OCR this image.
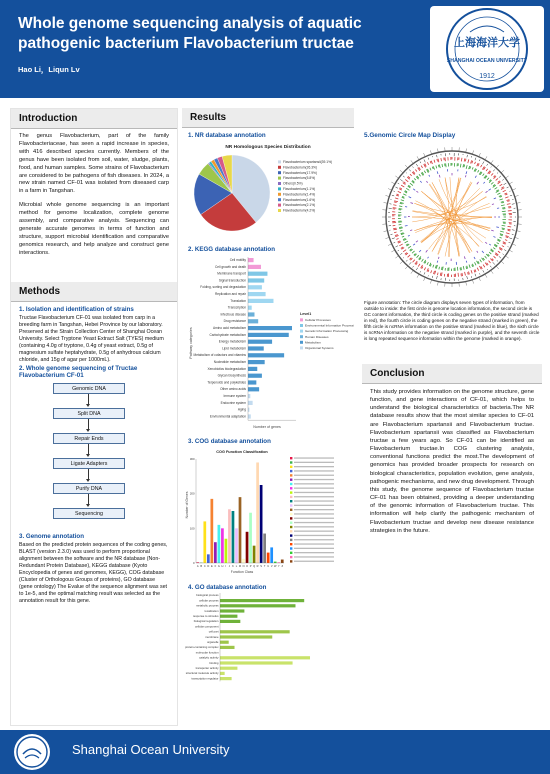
Whole genome sequencing analysis of aquatic pathogenic bacterium Flavobacterium tructae
Hao Li，Liqun Lv
上海海洋大学
SHANGHAI OCEAN UNIVERSITY
1912
Introduction

The genus Flavobacterium, part of the family Flavobacteriaceae, has seen a rapid increase in species, with 416 described species currently. Members of the genus have been isolated from soil, water, sludge, plants, food, and human samples. Some strains of Flavobacterium are considered to be pathogens of fish diseases. In 2024, a new strain named CF-01 was isolated from diseased carp in a farm in Tangshan.

Microbial whole genome sequencing is an important method for genome localization, complete genome assembly, and comparative analysis. Sequencing can generate accurate genomes in terms of function and structure, support microbial identification and comparative genomics research, and help analyze and construct gene interactions.

Methods
1. Isolation and identification of strains
Tructae Flavobacterium CF-01 was isolated from carp in a breeding farm in Tangshan, Hebei Province by our laboratory. Preserved at the Strain Collection Center of Shanghai Ocean University. Select Tryptone Yeast Extract Salt (TYES) medium (containing 4.0g of tryptone, 0.4g of yeast extract, 0.5g of magnesium sulfate heptahydrate, 0.5g of anhydrous calcium chloride, and 15g of agar per 1000mL).
2. Whole genome sequencing of Tructae Flavobacterium CF-01
Genomic DNA
Split DNA
Repair Ends
Ligate Adapters
Purify DNA
Sequencing
3. Genome annotation
Based on the predicted protein sequences of the coding genes, BLAST (version 2.3.0) was used to perform proportional alignment between the software and the NR database (Non-Redundant Protein Database), KEGG database (Kyoto Encyclopedia of genes and genomes, KEGG), COG database (Cluster of Orthologous Groups of proteins), GO database (gene ontology) The Evalue of the sequence alignment was set to 1e-5, and the optimal matching result was selected as the annotation result for this gene.
Results
1. NR database annotation
NR Homologous Species Distribution
Flavobacterium spartansii(39.1%)
Flavobacterium(26.3%)
Flavobacterium(17.9%)
Flavobacterium(5.8%)
Others(0.5%)
Flavobacterium(1.1%)
Flavobacterium(1.4%)
Flavobacterium(1.6%)
Flavobacterium(2.1%)
Flavobacterium(4.2%)
2. KEGG database annotation
Cell motility
Cell growth and death
Membrane transport
Signal transduction
Folding, sorting and degradation
Replication and repair
Translation
Transcription
Infectious disease
Drug resistance
Amino acid metabolism
Carbohydrate metabolism
Energy metabolism
Lipid metabolism
Metabolism of cofactors and vitamins
Nucleotide metabolism
Xenobiotics biodegradation
Glycan biosynthesis
Terpenoids and polyketides
Other amino acids
Immune system
Endocrine system
Aging
Environmental adaptation
Pathway categories
Number of genes
Level1
Cellular Processes
Environmental Information Processing
Genetic Information Processing
Human Diseases
Metabolism
Organismal Systems
3. COG database annotation
COG Function Classification
A B C D E F G H I J K L M N O P Q R S T U V W Y Z
0
100
200
300
Number of Genes
Function Class
4. GO database annotation
biological process
cellular process
metabolic process
localization
response to stimulus
biological regulation
cellular component
cell part
membrane
organelle
protein-containing complex
molecular function
catalytic activity
binding
transporter activity
structural molecule activity
transcription regulator
5.Genomic Circle Map Display
Figure annotation: The circle diagram displays seven types of information, from outside to inside: the first circle is genome location information, the second circle is GC content information, the third circle is coding genes on the positive strand (marked in red), the fourth circle is coding genes on the negative strand (marked in green), the fifth circle is ncRNA information on the positive strand (marked in blue), the sixth circle is ncRNA information on the negative strand (marked in purple), and the seventh circle is long repeated sequence information within the genome (marked in orange).
Conclusion
This study provides information on the genome structure, gene function, and gene interactions of CF-01, which helps to understand the biological characteristics of bacteria.The NR database results show that the most similar species to CF-01 are Flavobacterium spartansii and Flavobacterium tructae. Flavobacterium spartansii was classified as Flavobacterium tructae a few years ago. So CF-01 can be identified as Flavobacterium tructae.In COG clustering analysis, conventional functions predict the most.The development of genomics has provided broader prospects for research on biological characteristics, population evolution, gene analysis, pathogenic mechanisms, and new drug development. Through this study, the genome sequence of Flavobacterium tructae CF-01 has been obtained, providing a deeper understanding of the genomic information of Flavobacterium tructae. This information will help clarify the pathogenic mechanism of Flavobacterium tructae and develop new disease resistance strategies in the future.
Shanghai Ocean University
